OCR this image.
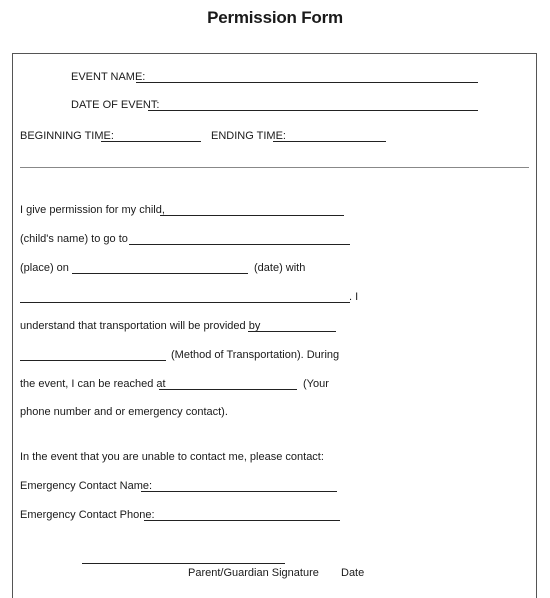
Permission Form
EVENT NAME:
DATE OF EVENT:
BEGINNING TIME:	ENDING TIME:
I give permission for my child,
(child's name) to go to
(place) on	(date) with
. I
understand that transportation will be provided by
(Method of Transportation). During
the event, I can be reached at	(Your
phone number and or emergency contact).
In the event that you are unable to contact me, please contact:
Emergency Contact Name:
Emergency Contact Phone:
Parent/Guardian Signature Date
